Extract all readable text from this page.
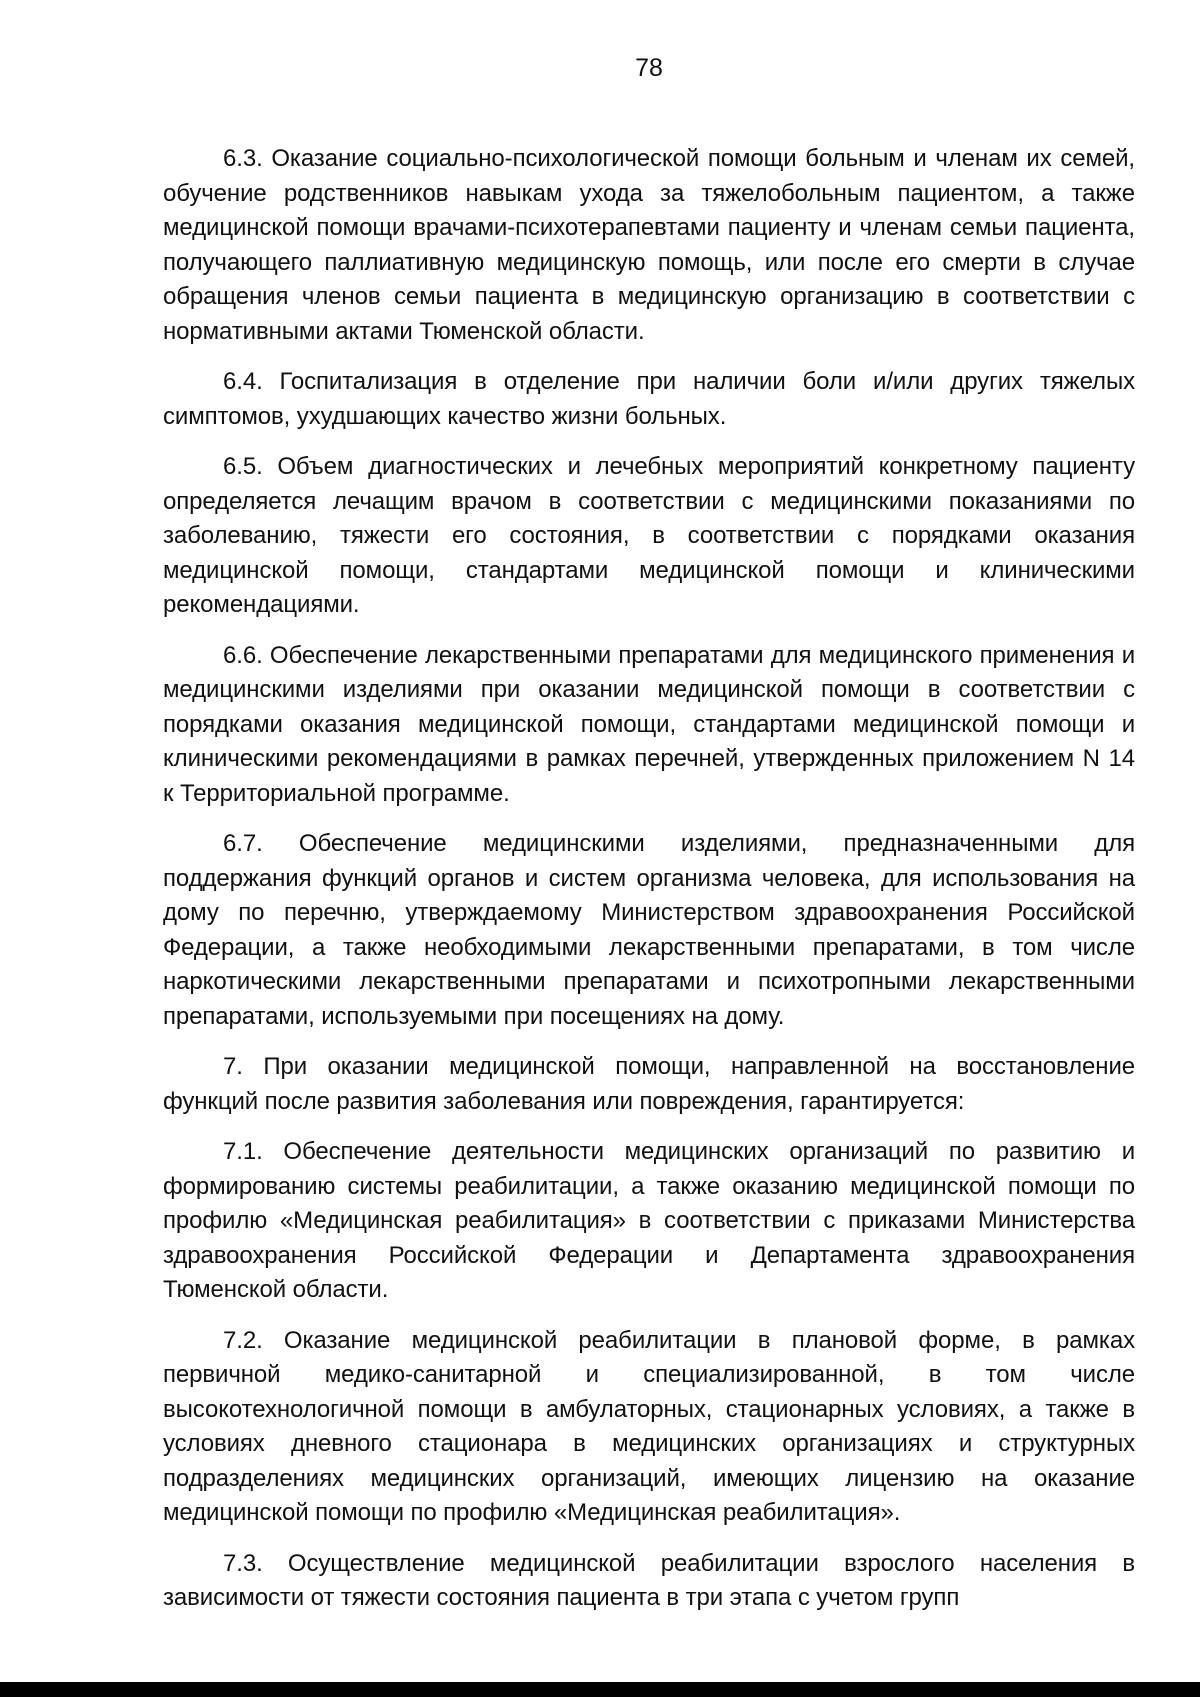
78

6.3. Оказание социально-психологической помощи больным и членам их семей, обучение родственников навыкам ухода за тяжелобольным пациентом, а также медицинской помощи врачами-психотерапевтами пациенту и членам семьи пациента, получающего паллиативную медицинскую помощь, или после его смерти в случае обращения членов семьи пациента в медицинскую организацию в соответствии с нормативными актами Тюменской области.

6.4. Госпитализация в отделение при наличии боли и/или других тяжелых симптомов, ухудшающих качество жизни больных.

6.5. Объем диагностических и лечебных мероприятий конкретному пациенту определяется лечащим врачом в соответствии с медицинскими показаниями по заболеванию, тяжести его состояния, в соответствии с порядками оказания медицинской помощи, стандартами медицинской помощи и клиническими рекомендациями.

6.6. Обеспечение лекарственными препаратами для медицинского применения и медицинскими изделиями при оказании медицинской помощи в соответствии с порядками оказания медицинской помощи, стандартами медицинской помощи и клиническими рекомендациями в рамках перечней, утвержденных приложением N 14 к Территориальной программе.

6.7. Обеспечение медицинскими изделиями, предназначенными для поддержания функций органов и систем организма человека, для использования на дому по перечню, утверждаемому Министерством здравоохранения Российской Федерации, а также необходимыми лекарственными препаратами, в том числе наркотическими лекарственными препаратами и психотропными лекарственными препаратами, используемыми при посещениях на дому.

7. При оказании медицинской помощи, направленной на восстановление функций после развития заболевания или повреждения, гарантируется:

7.1. Обеспечение деятельности медицинских организаций по развитию и формированию системы реабилитации, а также оказанию медицинской помощи по профилю «Медицинская реабилитация» в соответствии с приказами Министерства здравоохранения Российской Федерации и Департамента здравоохранения Тюменской области.

7.2. Оказание медицинской реабилитации в плановой форме, в рамках первичной медико-санитарной и специализированной, в том числе высокотехнологичной помощи в амбулаторных, стационарных условиях, а также в условиях дневного стационара в медицинских организациях и структурных подразделениях медицинских организаций, имеющих лицензию на оказание медицинской помощи по профилю «Медицинская реабилитация».

7.3. Осуществление медицинской реабилитации взрослого населения в зависимости от тяжести состояния пациента в три этапа с учетом групп
